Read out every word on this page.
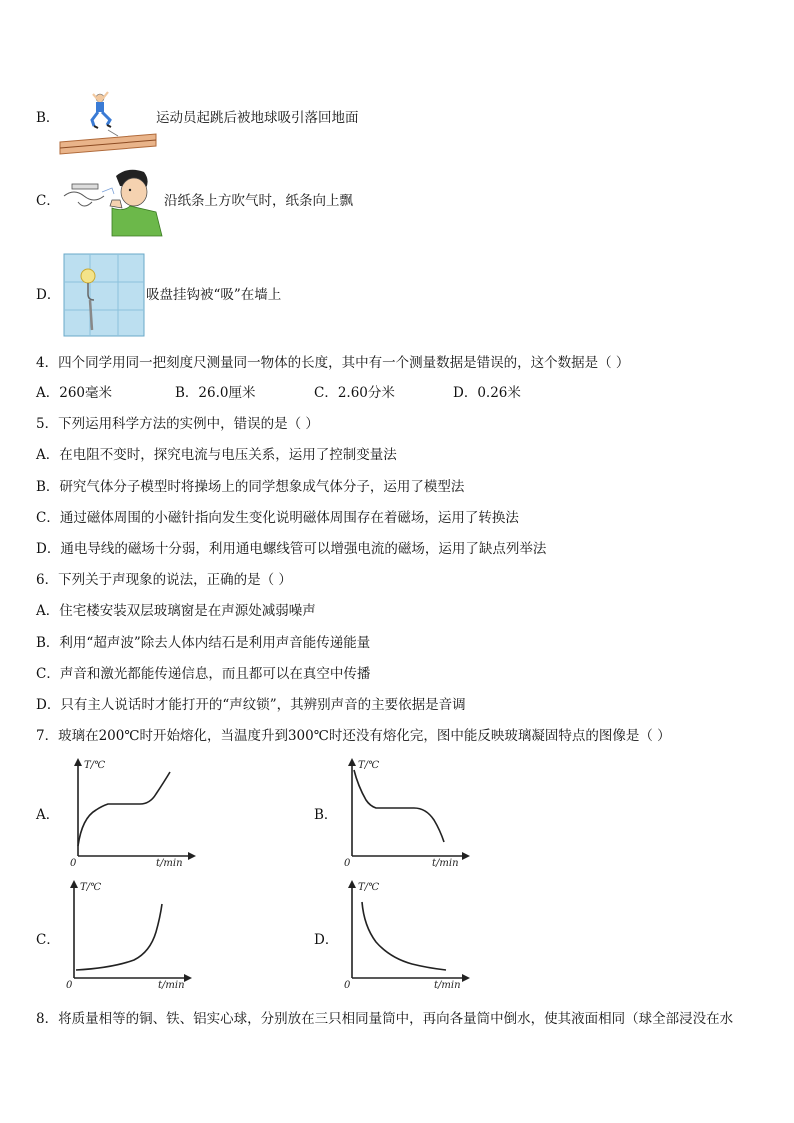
B．	运动员起跳后被地球吸引落回地面
C．	沿纸条上方吹气时，纸条向上飘
D．	吸盘挂钩被“吸”在墙上
4．四个同学用同一把刻度尺测量同一物体的长度，其中有一个测量数据是错误的，这个数据是（ ）
A．260毫米	B．26.0厘米	C．2.60分米	D．0.26米
5．下列运用科学方法的实例中，错误的是（ ）
A．在电阻不变时，探究电流与电压关系，运用了控制变量法
B．研究气体分子模型时将操场上的同学想象成气体分子，运用了模型法
C．通过磁体周围的小磁针指向发生变化说明磁体周围存在着磁场，运用了转换法
D．通电导线的磁场十分弱，利用通电螺线管可以增强电流的磁场，运用了缺点列举法
6．下列关于声现象的说法，正确的是（ ）
A．住宅楼安装双层玻璃窗是在声源处减弱噪声
B．利用“超声波”除去人体内结石是利用声音能传递能量
C．声音和激光都能传递信息，而且都可以在真空中传播
D．只有主人说话时才能打开的“声纹锁”，其辨别声音的主要依据是音调
7．玻璃在200℃时开始熔化，当温度升到300℃时还没有熔化完，图中能反映玻璃凝固特点的图像是（ ）
A．
T/℃
t/min
0
B．
T/℃
t/min
0
C．
T/℃
t/min
0
D．
T/℃
t/min
0
8．将质量相等的铜、铁、铝实心球，分别放在三只相同量筒中，再向各量筒中倒水，使其液面相同（球全部浸没在水
